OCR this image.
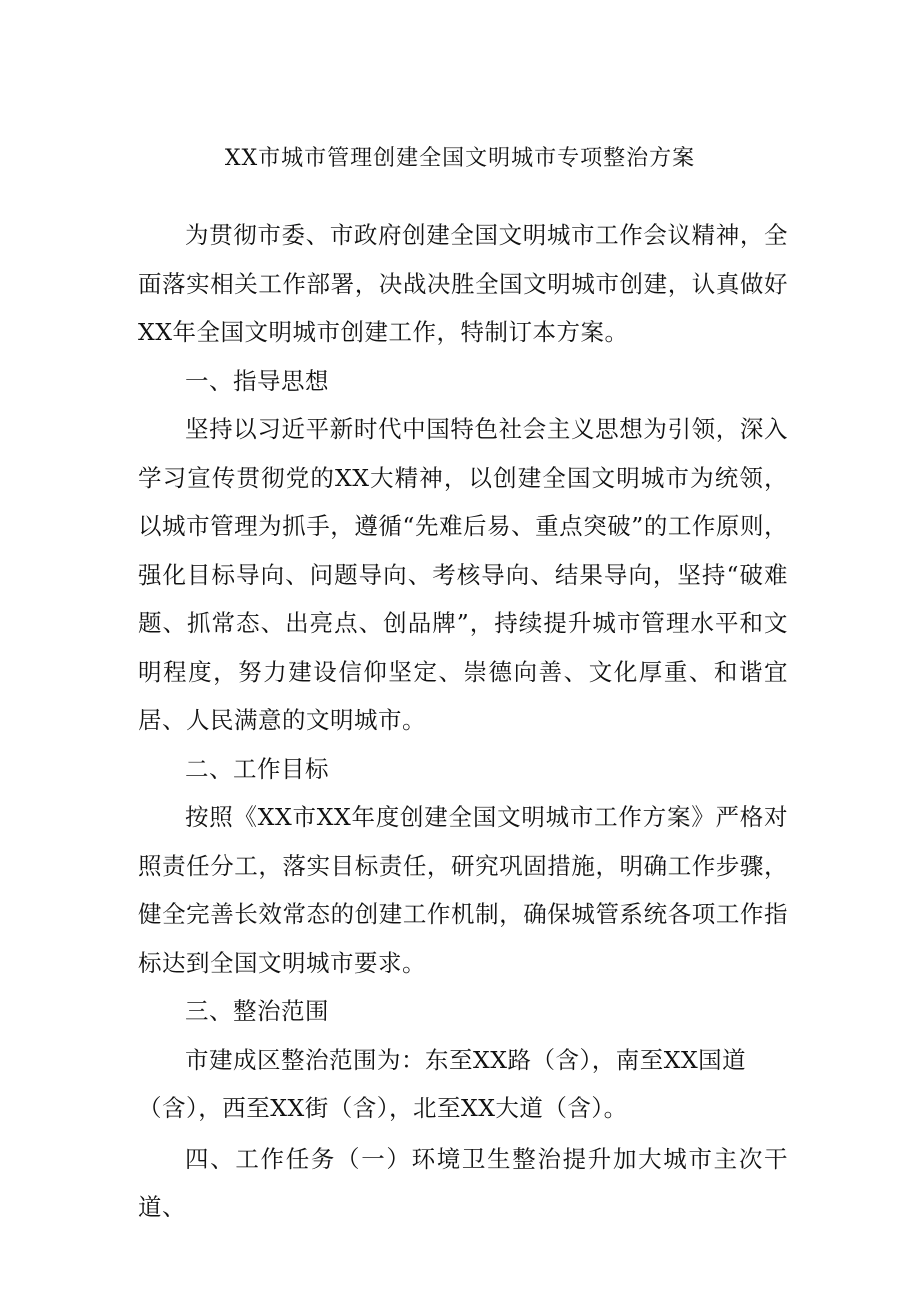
XX市城市管理创建全国文明城市专项整治方案

为贯彻市委、市政府创建全国文明城市工作会议精神，全面落实相关工作部署，决战决胜全国文明城市创建，认真做好XX年全国文明城市创建工作，特制订本方案。

一、指导思想

坚持以习近平新时代中国特色社会主义思想为引领，深入学习宣传贯彻党的XX大精神，以创建全国文明城市为统领，以城市管理为抓手，遵循“先难后易、重点突破”的工作原则，强化目标导向、问题导向、考核导向、结果导向，坚持“破难题、抓常态、出亮点、创品牌”，持续提升城市管理水平和文明程度，努力建设信仰坚定、崇德向善、文化厚重、和谐宜居、人民满意的文明城市。

二、工作目标

按照《XX市XX年度创建全国文明城市工作方案》严格对照责任分工，落实目标责任，研究巩固措施，明确工作步骤，健全完善长效常态的创建工作机制，确保城管系统各项工作指标达到全国文明城市要求。

三、整治范围

市建成区整治范围为：东至XX路（含），南至XX国道（含），西至XX街（含），北至XX大道（含）。

四、工作任务（一）环境卫生整治提升加大城市主次干道、
